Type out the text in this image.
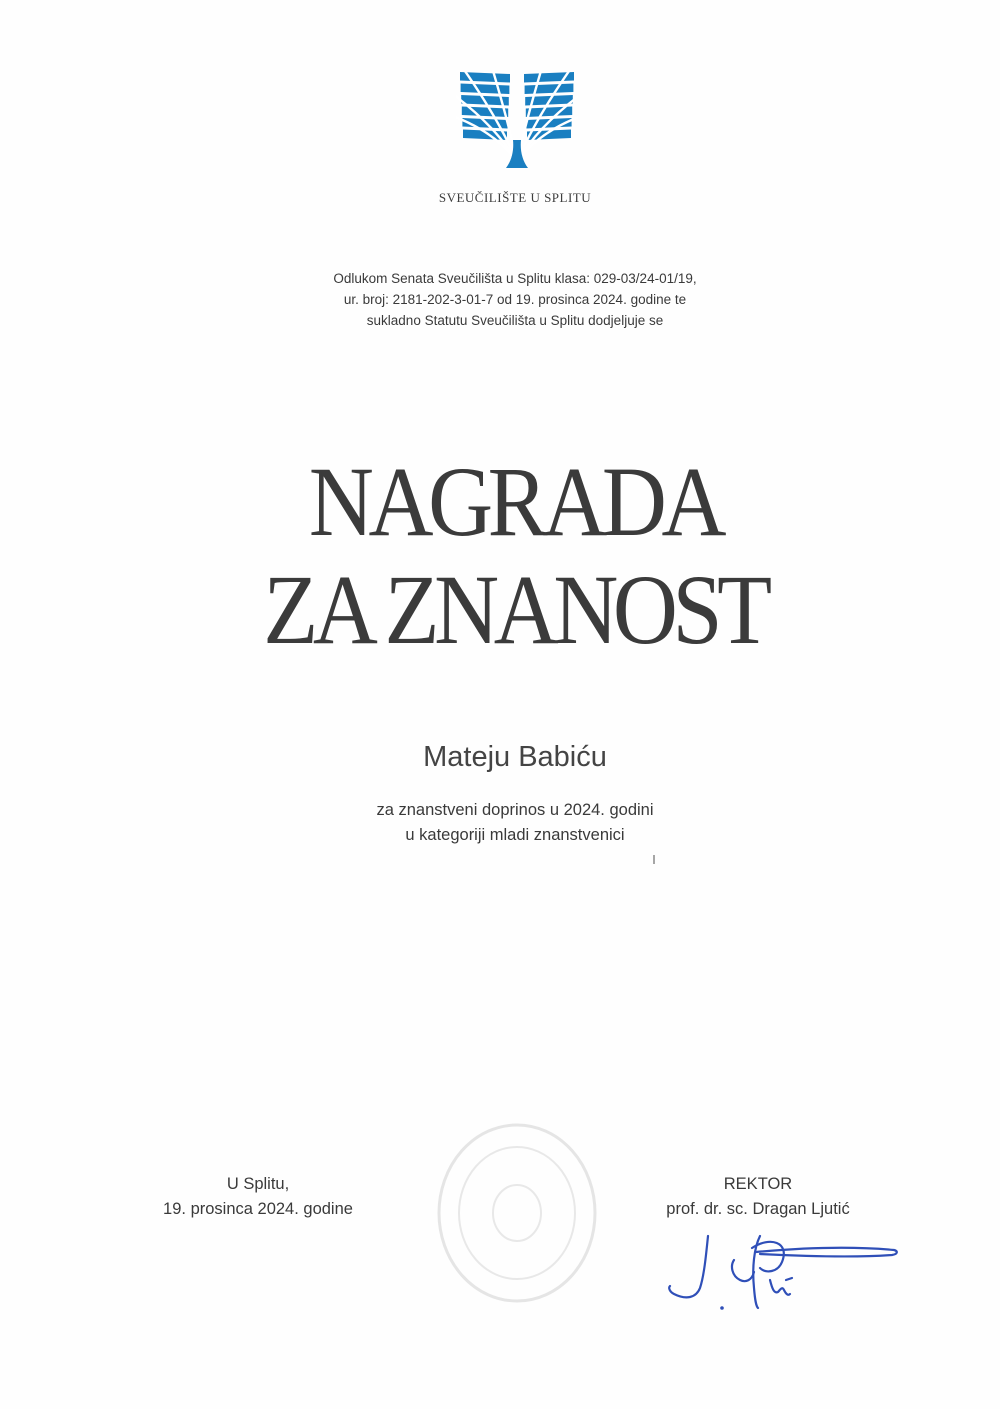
SVEUČILIŠTE U SPLITU
Odlukom Senata Sveučilišta u Splitu klasa: 029-03/24-01/19,
ur. broj: 2181-202-3-01-7 od 19. prosinca 2024. godine te
sukladno Statutu Sveučilišta u Splitu dodjeljuje se
NAGRADA
ZA ZNANOST
Mateju Babiću
za znanstveni doprinos u 2024. godini
u kategoriji mladi znanstvenici
U Splitu,
19. prosinca 2024. godine
REKTOR
prof. dr. sc. Dragan Ljutić
